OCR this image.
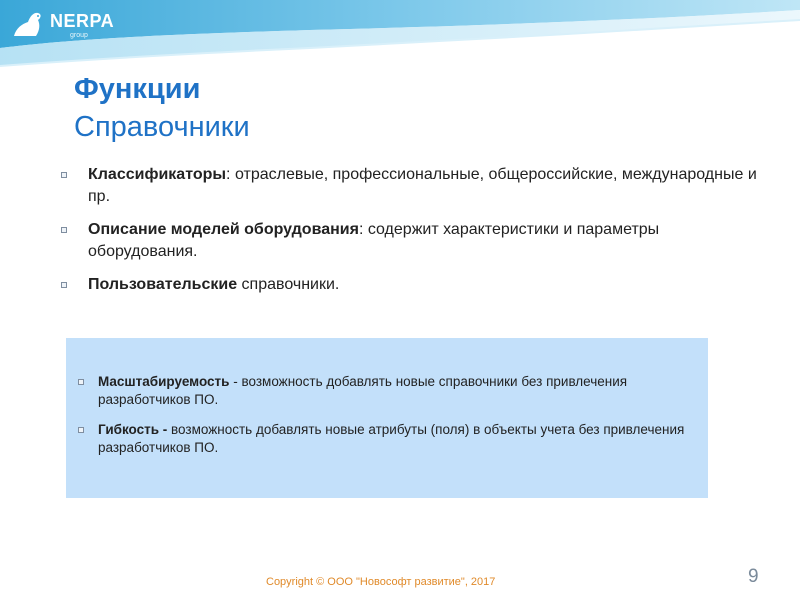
NERPA
group
Функции
Справочники
Классификаторы: отраслевые, профессиональные, общероссийские, международные и пр.
Описание моделей оборудования: содержит характеристики и параметры оборудования.
Пользовательские справочники.
Масштабируемость - возможность добавлять новые справочники без привлечения разработчиков ПО.
Гибкость - возможность добавлять новые атрибуты (поля) в объекты учета без привлечения разработчиков ПО.
Copyright © ООО "Новософт развитие", 2017	9
